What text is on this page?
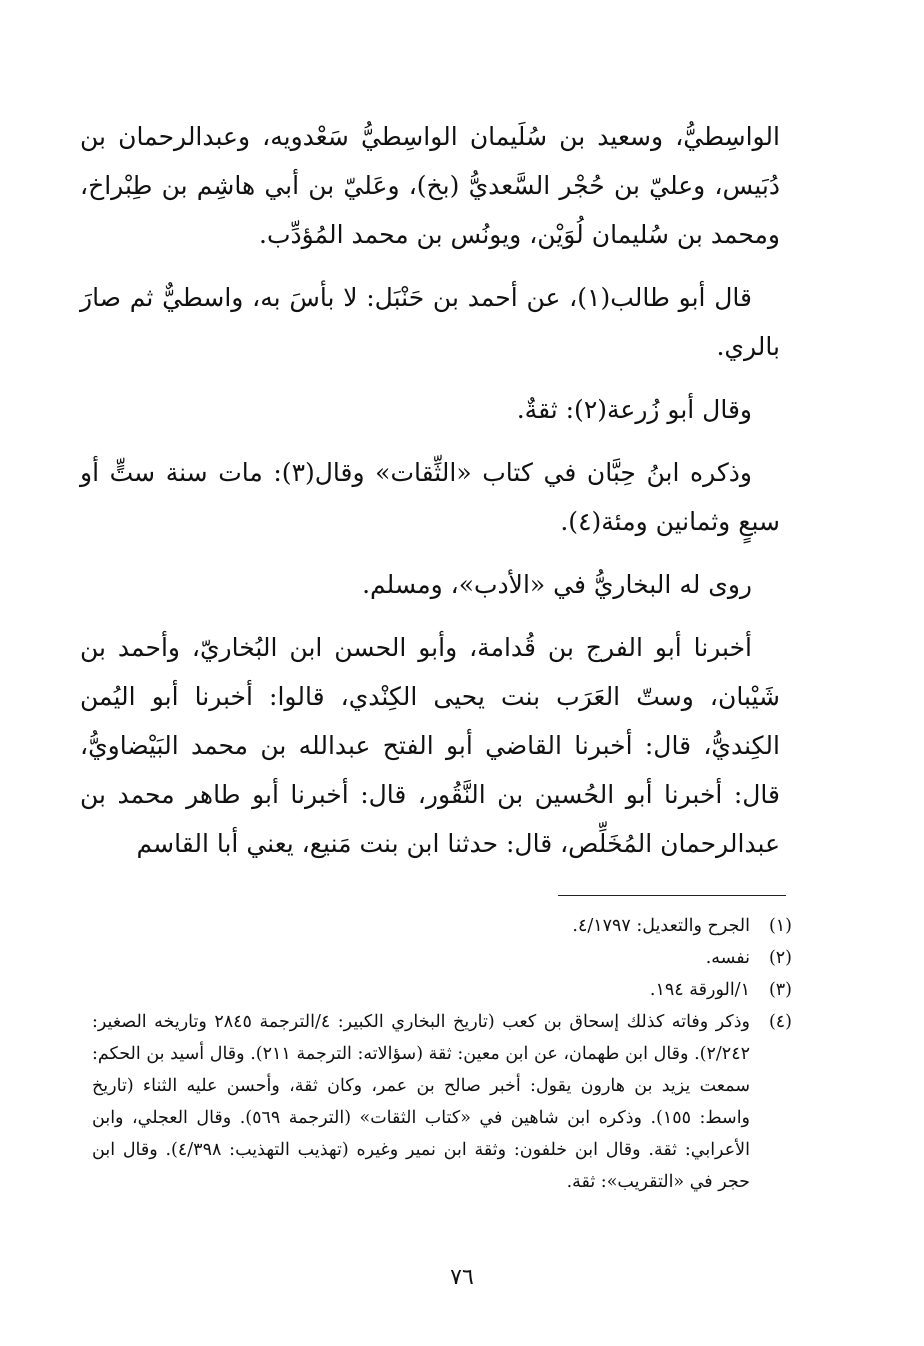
الواسِطيُّ، وسعيد بن سُلَيمان الواسِطيُّ سَعْدويه، وعبدالرحمان بن دُبَيس، وعليّ بن حُجْر السَّعديُّ (بخ)، وعَليّ بن أبي هاشِم بن طِبْراخ، ومحمد بن سُليمان لُوَيْن، ويونُس بن محمد المُؤدِّب.

قال أبو طالب(١)، عن أحمد بن حَنْبَل: لا بأسَ به، واسطيٌّ ثم صارَ بالري.

وقال أبو زُرعة(٢): ثقةٌ.

وذكره ابنُ حِبَّان في كتاب «الثِّقات» وقال(٣): مات سنة ستٍّ أو سبعٍ وثمانين ومئة(٤).

روى له البخاريُّ في «الأدب»، ومسلم.

أخبرنا أبو الفرج بن قُدامة، وأبو الحسن ابن البُخاريّ، وأحمد بن شَيْبان، وستّ العَرَب بنت يحيى الكِنْدي، قالوا: أخبرنا أبو اليُمن الكِنديُّ، قال: أخبرنا القاضي أبو الفتح عبدالله بن محمد البَيْضاويُّ، قال: أخبرنا أبو الحُسين بن النَّقُور، قال: أخبرنا أبو طاهر محمد بن عبدالرحمان المُخَلِّص، قال: حدثنا ابن بنت مَنيع، يعني أبا القاسم

(١)
الجرح والتعديل: ٤/١٧٩٧.
(٢)
نفسه.
(٣)
١/الورقة ١٩٤.
(٤)
وذكر وفاته كذلك إسحاق بن كعب (تاريخ البخاري الكبير: ٤/الترجمة ٢٨٤٥ وتاريخه الصغير: ٢/٢٤٢). وقال ابن طهمان، عن ابن معين: ثقة (سؤالاته: الترجمة ٢١١). وقال أسيد بن الحكم: سمعت يزيد بن هارون يقول: أخبر صالح بن عمر، وكان ثقة، وأحسن عليه الثناء (تاريخ واسط: ١٥٥). وذكره ابن شاهين في «كتاب الثقات» (الترجمة ٥٦٩). وقال العجلي، وابن الأعرابي: ثقة. وقال ابن خلفون: وثقة ابن نمير وغيره (تهذيب التهذيب: ٤/٣٩٨). وقال ابن حجر في «التقريب»: ثقة.
٧٦
